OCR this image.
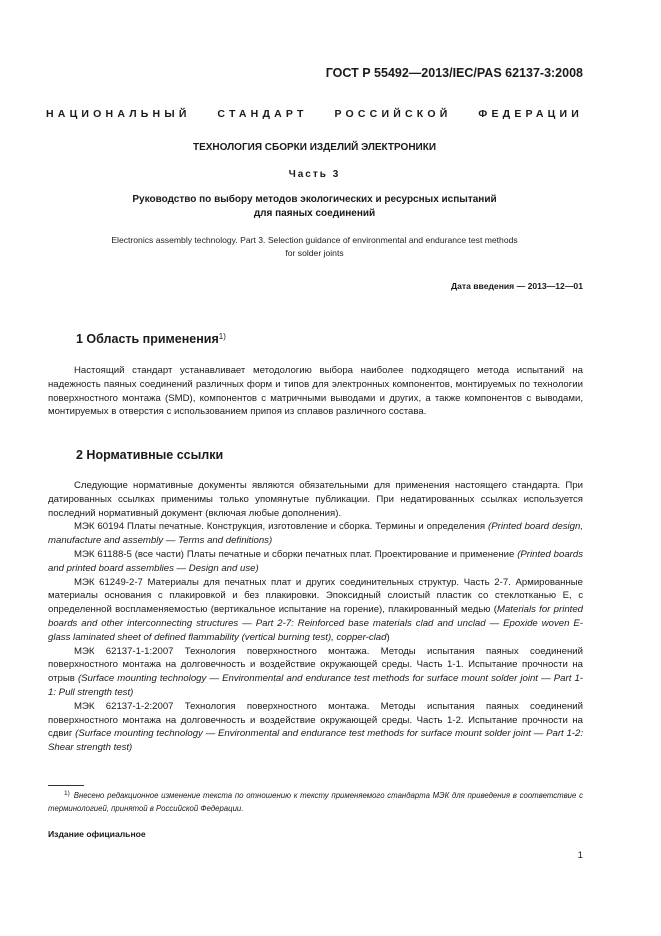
ГОСТ Р 55492—2013/IEC/PAS 62137-3:2008
НАЦИОНАЛЬНЫЙ	СТАНДАРТ	РОССИЙСКОЙ	ФЕДЕРАЦИИ
ТЕХНОЛОГИЯ СБОРКИ ИЗДЕЛИЙ ЭЛЕКТРОНИКИ
Часть 3
Руководство по выбору методов экологических и ресурсных испытаний
для паяных соединений
Electronics assembly technology. Part 3. Selection guidance of environmental and endurance test methods
for solder joints
Дата введения — 2013—12—01
1 Область применения$^{1)}$

Настоящий стандарт устанавливает методологию выбора наиболее подходящего метода испытаний на надежность паяных соединений различных форм и типов для электронных компонентов, монтируемых по технологии поверхностного монтажа (SMD), компонентов с матричными выводами и других, а также компонентов с выводами, монтируемых в отверстия с использованием припоя из сплавов различного состава.

2 Нормативные ссылки

Следующие нормативные документы являются обязательными для применения настоящего стандарта. При датированных ссылках применимы только упомянутые публикации. При недатированных ссылках используется последний нормативный документ (включая любые дополнения).

МЭК 60194 Платы печатные. Конструкция, изготовление и сборка. Термины и определения (Printed board design, manufacture and assembly — Terms and definitions)

МЭК 61188-5 (все части) Платы печатные и сборки печатных плат. Проектирование и применение (Printed boards and printed board assemblies — Design and use)

МЭК 61249-2-7 Материалы для печатных плат и других соединительных структур. Часть 2-7. Армированные материалы основания с плакировкой и без плакировки. Эпоксидный слоистый пластик со стеклотканью Е, с определенной воспламеняемостью (вертикальное испытание на горение), плакированный медью (Materials for printed boards and other interconnecting structures — Part 2-7: Reinforced base materials clad and unclad — Epoxide woven E-glass laminated sheet of defined flammability (vertical burning test), copper-clad)

МЭК 62137-1-1:2007 Технология поверхностного монтажа. Методы испытания паяных соединений поверхностного монтажа на долговечность и воздействие окружающей среды. Часть 1-1. Испытание прочности на отрыв (Surface mounting technology — Environmental and endurance test methods for surface mount solder joint — Part 1-1: Pull strength test)

МЭК 62137-1-2:2007 Технология поверхностного монтажа. Методы испытания паяных соединений поверхностного монтажа на долговечность и воздействие окружающей среды. Часть 1-2. Испытание прочности на сдвиг (Surface mounting technology — Environmental and endurance test methods for surface mount solder joint — Part 1-2: Shear strength test)

$^{1)}$ Внесено редакционное изменение текста по отношению к тексту применяемого стандарта МЭК для приведения в соответствие с терминологией, принятой в Российской Федерации.
Издание официальное
1
